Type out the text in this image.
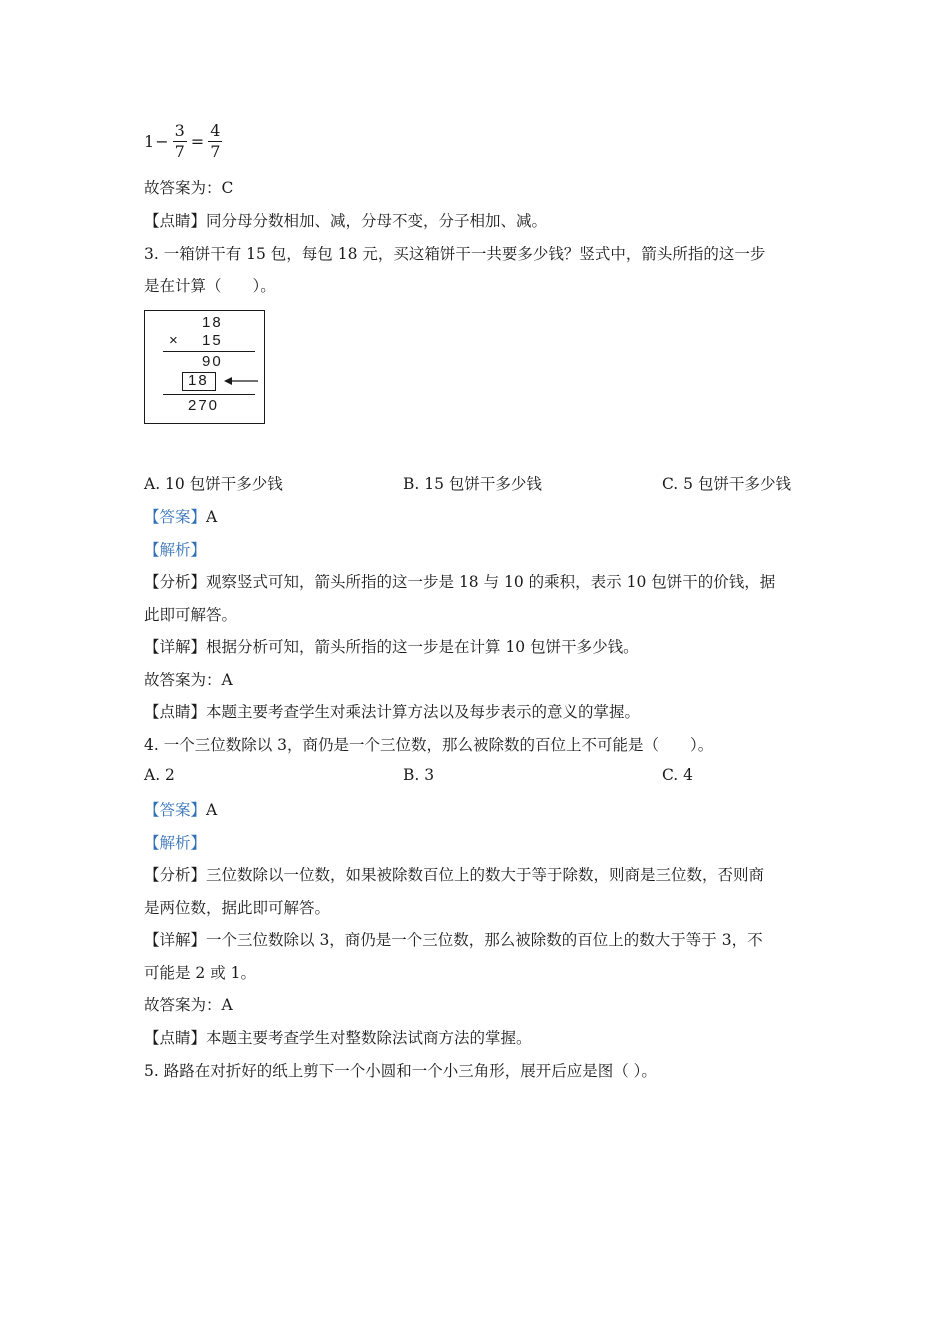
$1 - \frac{3}{7} = \frac{4}{7}$
故答案为：C
【点睛】同分母分数相加、减，分母不变，分子相加、减。
3. 一箱饼干有 15 包，每包 18 元，买这箱饼干一共要多少钱？竖式中，箭头所指的这一步
是在计算（　　）。
18
× 15
90
18
270
A. 10 包饼干多少钱	B. 15 包饼干多少钱	C. 5 包饼干多少钱
【答案】A
【解析】
【分析】观察竖式可知，箭头所指的这一步是 18 与 10 的乘积，表示 10 包饼干的价钱，据
此即可解答。
【详解】根据分析可知，箭头所指的这一步是在计算 10 包饼干多少钱。
故答案为：A
【点睛】本题主要考查学生对乘法计算方法以及每步表示的意义的掌握。
4. 一个三位数除以 3，商仍是一个三位数，那么被除数的百位上不可能是（　　）。
A. 2	B. 3	C. 4
【答案】A
【解析】
【分析】三位数除以一位数，如果被除数百位上的数大于等于除数，则商是三位数，否则商
是两位数，据此即可解答。
【详解】一个三位数除以 3，商仍是一个三位数，那么被除数的百位上的数大于等于 3，不
可能是 2 或 1。
故答案为：A
【点睛】本题主要考查学生对整数除法试商方法的掌握。
5. 路路在对折好的纸上剪下一个小圆和一个小三角形，展开后应是图（ ）。
